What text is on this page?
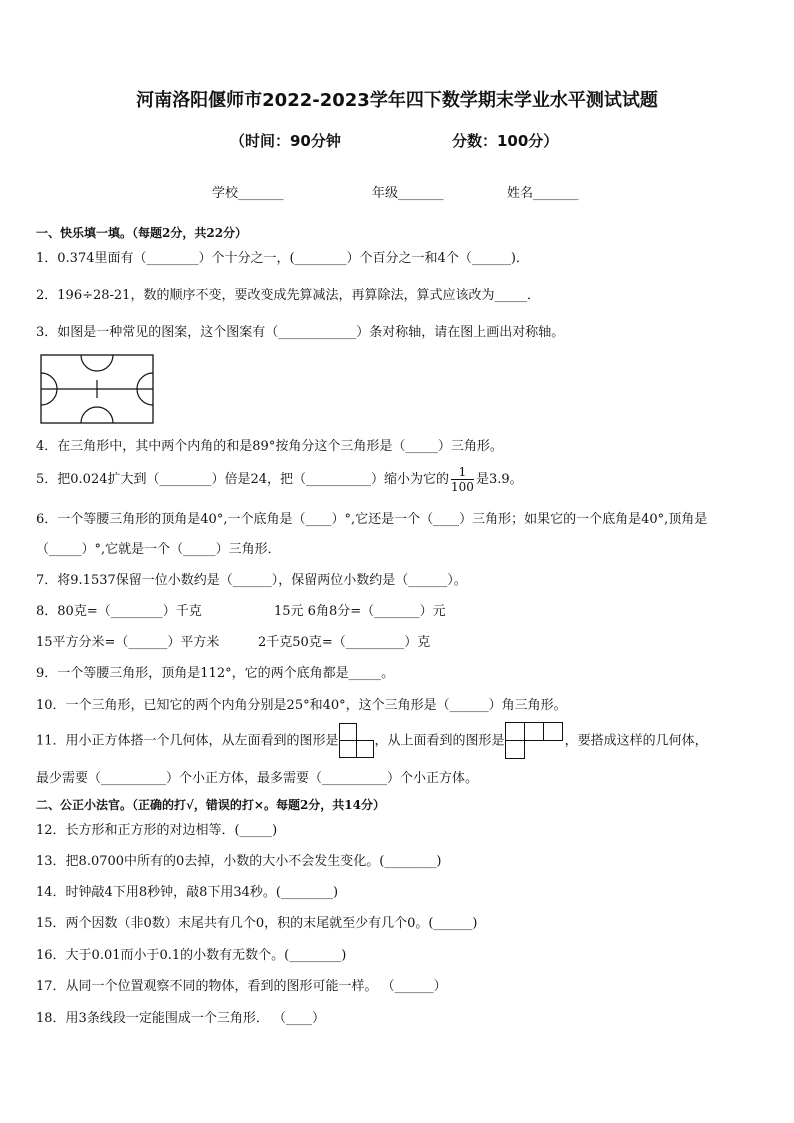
河南洛阳偃师市2022-2023学年四下数学期末学业水平测试试题
（时间：90分钟	分数：100分）
学校_______	年级_______	姓名_______
一、快乐填一填。（每题2分，共22分）
1．0.374里面有（________）个十分之一，(________）个百分之一和4个（______)．
2．196÷28-21，数的顺序不变，要改变成先算减法，再算除法，算式应该改为_____．
3．如图是一种常见的图案，这个图案有（____________）条对称轴，请在图上画出对称轴。
4．在三角形中，其中两个内角的和是89°按角分这个三角形是（_____）三角形。
5．把0.024扩大到（________）倍是24，把（__________）缩小为它的 $\frac{1}{100}$ 是3.9。
6．一个等腰三角形的顶角是40°,一个底角是（____）°,它还是一个（____）三角形；如果它的一个底角是40°,顶角是
（_____）°,它就是一个（_____）三角形．
7．将9.1537保留一位小数约是（______），保留两位小数约是（______）。
8．80克=（________）千克	15元 6角8分=（_______）元
15平方分米=（______）平方米	2千克50克=（_________）克
9．一个等腰三角形，顶角是112°，它的两个底角都是_____。
10．一个三角形，已知它的两个内角分别是25°和40°，这个三角形是（______）角三角形。
11．用小正方体搭一个几何体，从左面看到的图形是	，从上面看到的图形是	，要搭成这样的几何体，
最少需要（__________）个小正方体，最多需要（__________）个小正方体。
二、公正小法官。（正确的打√，错误的打×。每题2分，共14分）
12．长方形和正方形的对边相等．(_____)
13．把8.0700中所有的0去掉，小数的大小不会发生变化。(________)
14．时钟敲4下用8秒钟，敲8下用34秒。(________)
15．两个因数（非0数）末尾共有几个0，积的末尾就至少有几个0。(______)
16．大于0.01而小于0.1的小数有无数个。(________)
17．从同一个位置观察不同的物体，看到的图形可能一样。 （______）
18．用3条线段一定能围成一个三角形． （____）
